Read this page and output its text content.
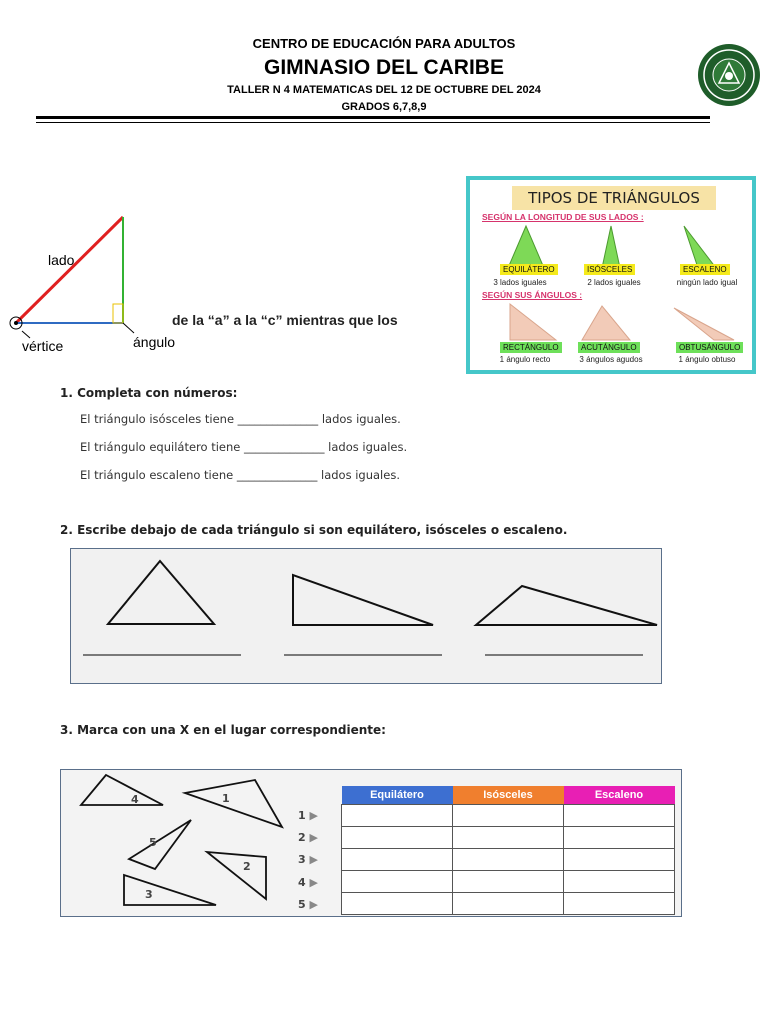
CENTRO DE EDUCACIÓN PARA ADULTOS
GIMNASIO DEL CARIBE
TALLER N 4 MATEMATICAS DEL 12 DE OCTUBRE DEL 2024
GRADOS 6,7,8,9
lado
vértice	ángulo
de la “a” a la “c” mientras que los
TIPOS DE TRIÁNGULOS
SEGÚN LA LONGITUD DE SUS LADOS :
EQUILÁTERO	ISÓSCELES	ESCALENO
3 lados iguales	2 lados iguales	ningún lado igual
SEGÚN SUS ÁNGULOS :
RECTÁNGULO	ACUTÁNGULO	OBTUSÁNGULO
1 ángulo recto	3 ángulos agudos	1 ángulo obtuso
1. Completa con números:
El triángulo isósceles tiene ______________ lados iguales.
El triángulo equilátero tiene ______________ lados iguales.
El triángulo escaleno tiene ______________ lados iguales.
2. Escribe debajo de cada triángulo si son equilátero, isósceles o escaleno.
3. Marca con una X en el lugar correspondiente:
4	1
5
2
3
1 ▶
2 ▶
3 ▶
4 ▶
5 ▶
Equilátero	Isósceles	Escaleno
